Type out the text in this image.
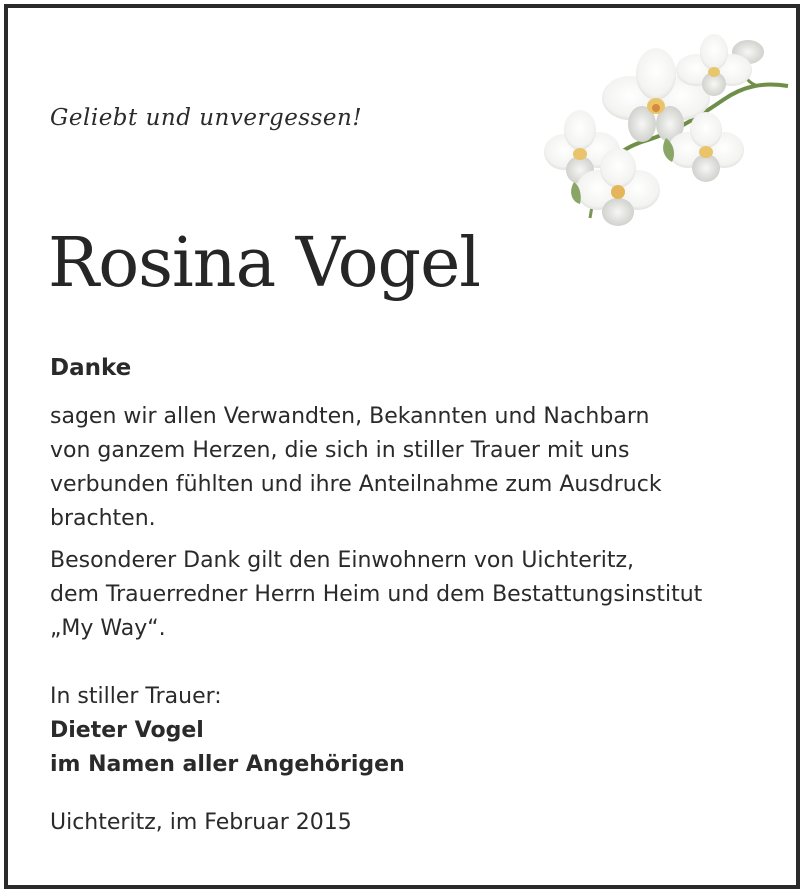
Geliebt und unvergessen!
Rosina Vogel
Danke
sagen wir allen Verwandten, Bekannten und Nachbarn
von ganzem Herzen, die sich in stiller Trauer mit uns
verbunden fühlten und ihre Anteilnahme zum Ausdruck
brachten.
Besonderer Dank gilt den Einwohnern von Uichteritz,
dem Trauerredner Herrn Heim und dem Bestattungsinstitut
„My Way“.
In stiller Trauer:
Dieter Vogel
im Namen aller Angehörigen
Uichteritz, im Februar 2015
